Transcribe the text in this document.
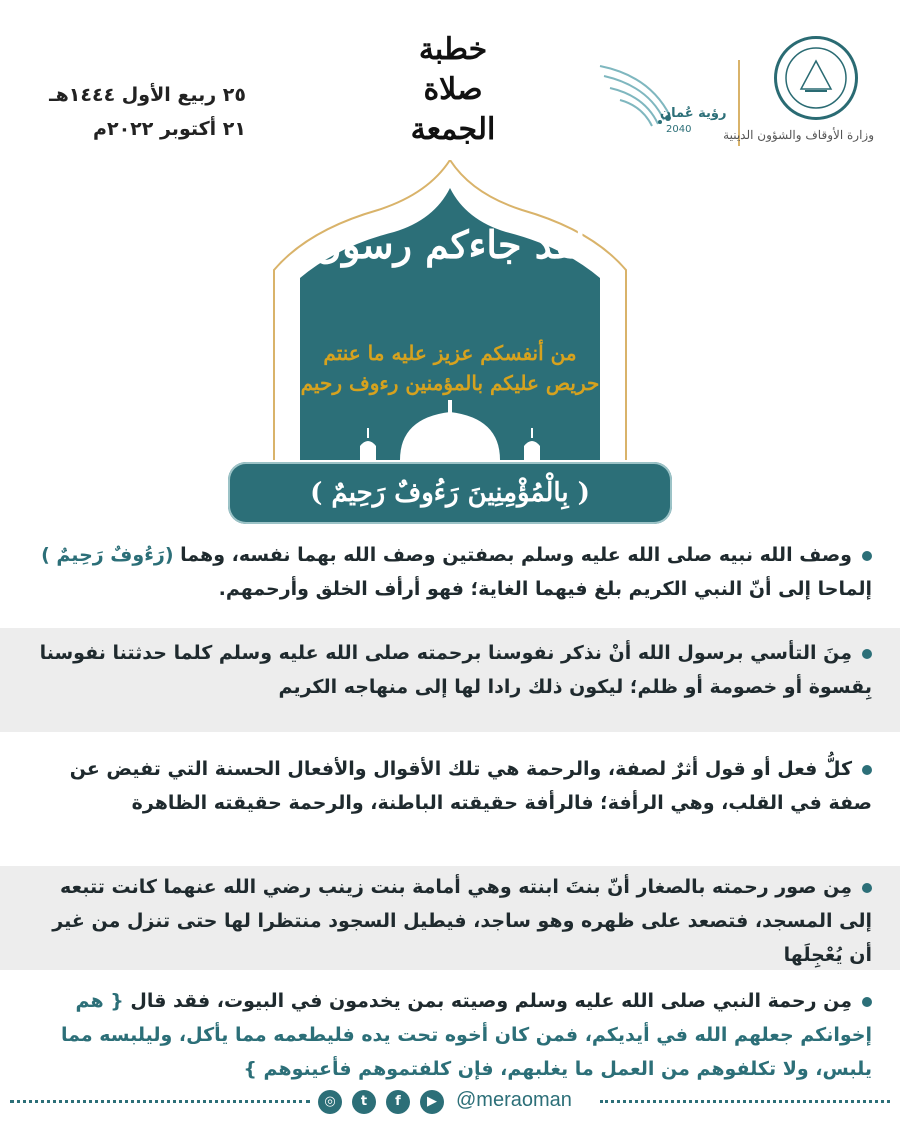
٢٥ ربيع الأول ١٤٤٤هـ
٢١ أكتوبر ٢٠٢٢م
خطبة صلاة الجمعة	رؤية عُمان
2040	وزارة الأوقاف والشؤون الدينية
لقد جاءكم رسول
من أنفسكم عزيز عليه ما عنتم حريص عليكم بالمؤمنين رءوف رحيم
( بِالْمُؤْمِنِينَ رَءُوفٌ رَحِيمٌ )
وصف الله نبيه صلى الله عليه وسلم بصفتين وصف الله بهما نفسه، وهما (رَءُوفٌ رَحِيمٌ ) إلماحا إلى أنّ النبي الكريم بلغ فيهما الغاية؛ فهو أرأف الخلق وأرحمهم.
مِنَ التأسي برسول الله أنْ نذكر نفوسنا برحمته صلى الله عليه وسلم كلما حدثتنا نفوسنا بِقسوة أو خصومة أو ظلم؛ ليكون ذلك رادا لها إلى منهاجه الكريم
كلُّ فعل أو قول أثرٌ لصفة، والرحمة هي تلك الأقوال والأفعال الحسنة التي تفيض عن صفة في القلب، وهي الرأفة؛ فالرأفة حقيقته الباطنة، والرحمة حقيقته الظاهرة
مِن صور رحمته بالصغار أنّ بنتَ ابنته وهي أمامة بنت زينب رضي الله عنهما كانت تتبعه إلى المسجد، فتصعد على ظهره وهو ساجد، فيطيل السجود منتظرا لها حتى تنزل من غير أن يُعْجِلَها
مِن رحمة النبي صلى الله عليه وسلم وصيته بمن يخدمون في البيوت، فقد قال { هم إخوانكم جعلهم الله في أيديكم، فمن كان أخوه تحت يده فليطعمه مما يأكل، وليلبسه مما يلبس، ولا تكلفوهم من العمل ما يغلبهم، فإن كلفتموهم فأعينوهم }
◎	t	f	▶ @meraoman
